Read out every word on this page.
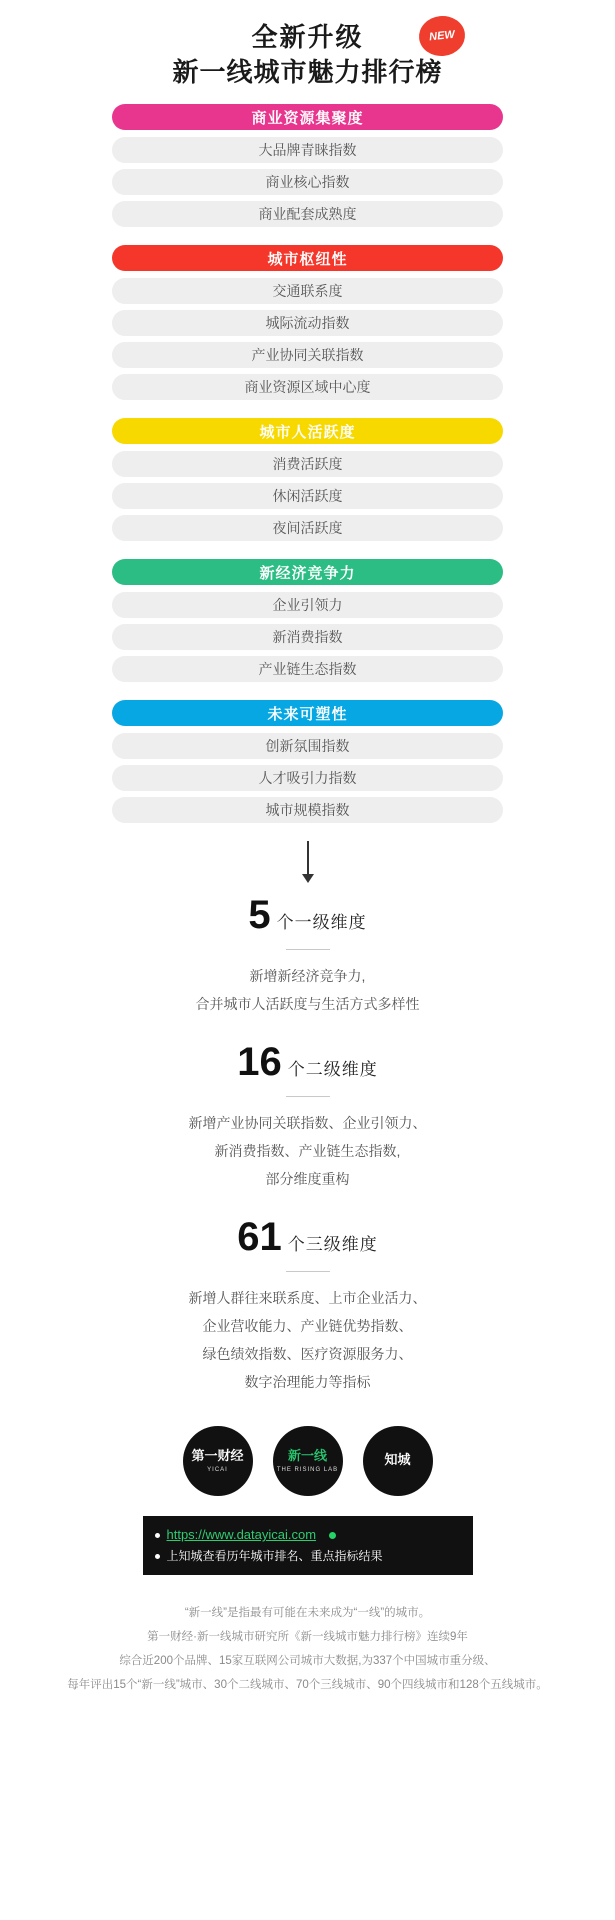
NEW
全新升级
新一线城市魅力排行榜
商业资源集聚度
大品牌青睐指数
商业核心指数
商业配套成熟度
城市枢纽性
交通联系度
城际流动指数
产业协同关联指数
商业资源区域中心度
城市人活跃度
消费活跃度
休闲活跃度
夜间活跃度
新经济竞争力
企业引领力
新消费指数
产业链生态指数
未来可塑性
创新氛围指数
人才吸引力指数
城市规模指数
5 个一级维度
新增新经济竞争力,
合并城市人活跃度与生活方式多样性
16 个二级维度
新增产业协同关联指数、企业引领力、
新消费指数、产业链生态指数,
部分维度重构
61 个三级维度
新增人群往来联系度、上市企业活力、
企业营收能力、产业链优势指数、
绿色绩效指数、医疗资源服务力、
数字治理能力等指标
第一财经
YICAI
新一线
THE RISING LAB
知城
https://www.datayicai.com
上知城查看历年城市排名、重点指标结果
“新一线”是指最有可能在未来成为“一线”的城市。
第一财经·新一线城市研究所《新一线城市魅力排行榜》连续9年
综合近200个品牌、15家互联网公司城市大数据,为337个中国城市重分级、
每年评出15个“新一线”城市、30个二线城市、70个三线城市、90个四线城市和128个五线城市。
